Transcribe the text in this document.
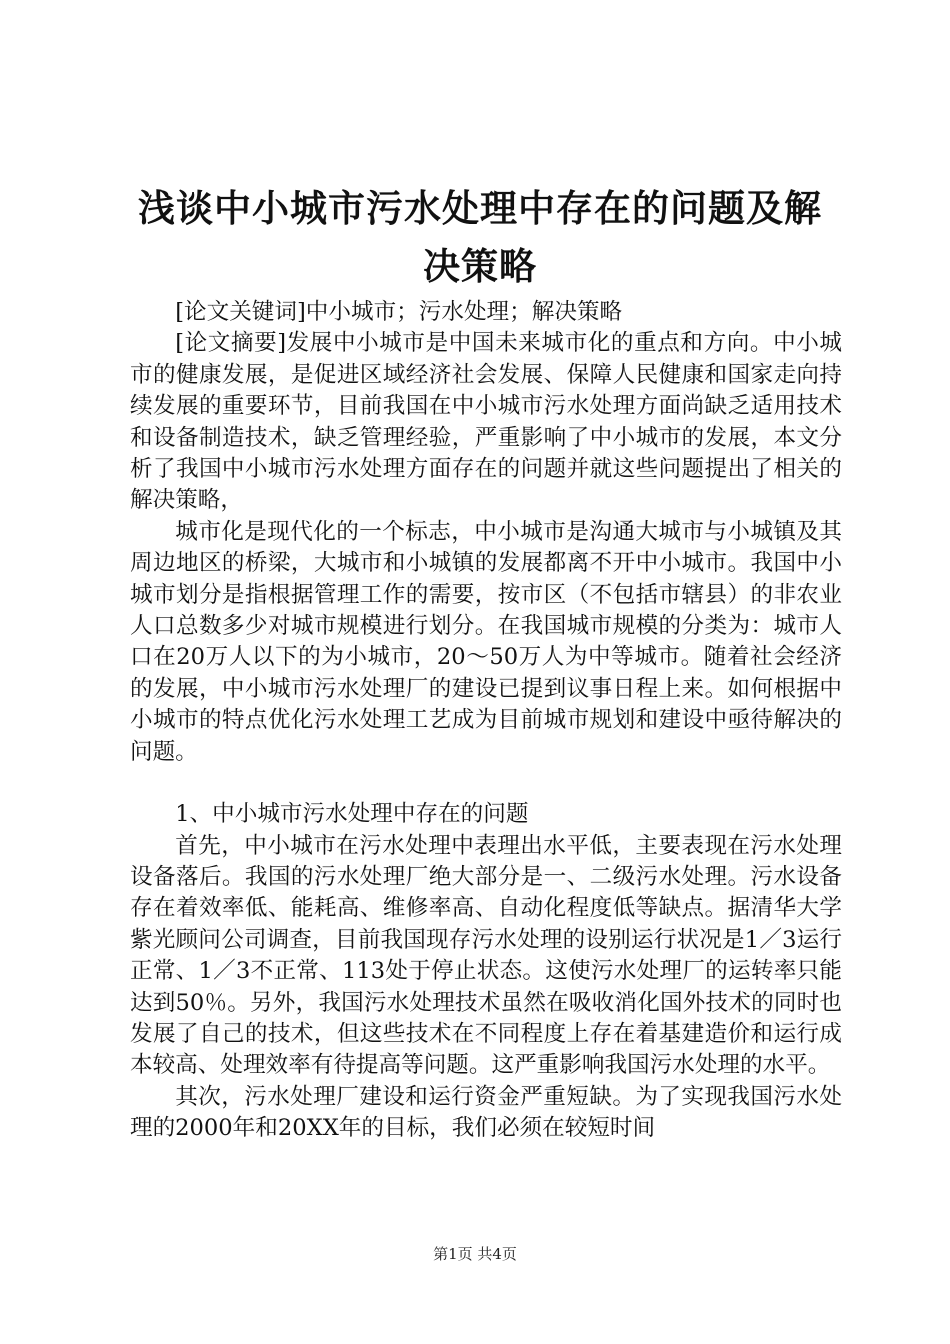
浅谈中小城市污水处理中存在的问题及解决策略

[论文关键词]中小城市；污水处理；解决策略

[论文摘要]发展中小城市是中国未来城市化的重点和方向。中小城市的健康发展，是促进区域经济社会发展、保障人民健康和国家走向持续发展的重要环节，目前我国在中小城市污水处理方面尚缺乏适用技术和设备制造技术，缺乏管理经验，严重影响了中小城市的发展，本文分析了我国中小城市污水处理方面存在的问题并就这些问题提出了相关的解决策略，

城市化是现代化的一个标志，中小城市是沟通大城市与小城镇及其周边地区的桥梁，大城市和小城镇的发展都离不开中小城市。我国中小城市划分是指根据管理工作的需要，按市区（不包括市辖县）的非农业人口总数多少对城市规模进行划分。在我国城市规模的分类为：城市人口在20万人以下的为小城市，20～50万人为中等城市。随着社会经济的发展，中小城市污水处理厂的建设已提到议事日程上来。如何根据中小城市的特点优化污水处理工艺成为目前城市规划和建设中亟待解决的问题。

1、中小城市污水处理中存在的问题

首先，中小城市在污水处理中表理出水平低，主要表现在污水处理设备落后。我国的污水处理厂绝大部分是一、二级污水处理。污水设备存在着效率低、能耗高、维修率高、自动化程度低等缺点。据清华大学紫光顾问公司调查，目前我国现存污水处理的设别运行状况是1／3运行正常、1／3不正常、113处于停止状态。这使污水处理厂的运转率只能达到50％。另外，我国污水处理技术虽然在吸收消化国外技术的同时也发展了自己的技术，但这些技术在不同程度上存在着基建造价和运行成本较高、处理效率有待提高等问题。这严重影响我国污水处理的水平。

其次，污水处理厂建设和运行资金严重短缺。为了实现我国污水处理的2000年和20XX年的目标，我们必须在较短时间

第1页 共4页
